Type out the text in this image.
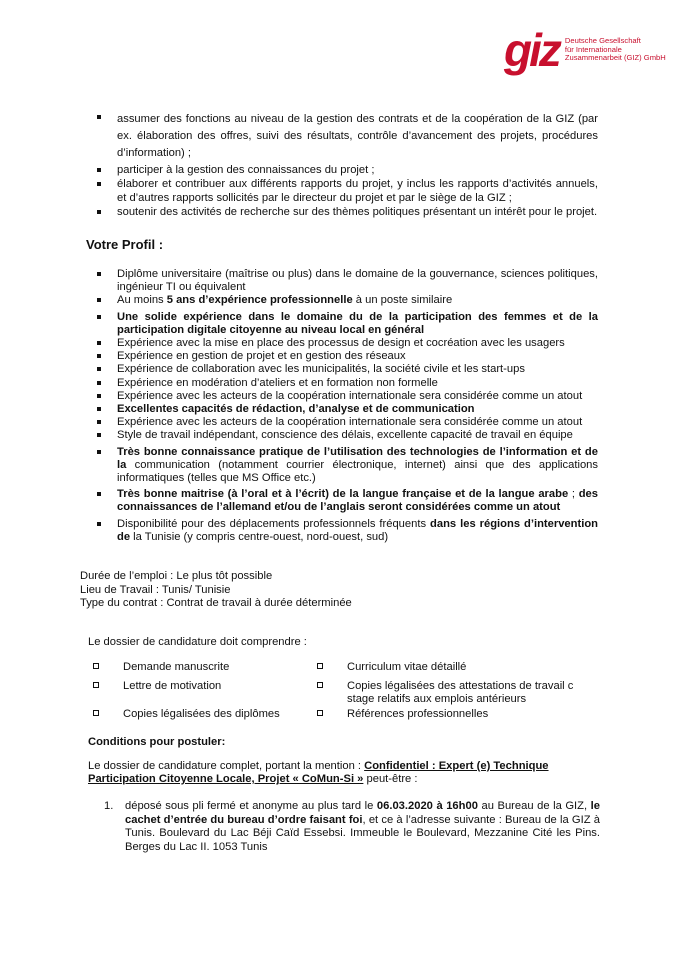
giz Deutsche Gesellschaft
für Internationale
Zusammenarbeit (GIZ) GmbH
assumer des fonctions au niveau de la gestion des contrats et de la coopération de la GIZ (par ex. élaboration des offres, suivi des résultats, contrôle d’avancement des projets, procédures d’information) ;
participer à la gestion des connaissances du projet ;
élaborer et contribuer aux différents rapports du projet, y inclus les rapports d’activités annuels, et d’autres rapports sollicités par le directeur du projet et par le siège de la GIZ ;
soutenir des activités de recherche sur des thèmes politiques présentant un intérêt pour le projet.
Votre Profil :
Diplôme universitaire (maîtrise ou plus) dans le domaine de la gouvernance, sciences politiques, ingénieur TI ou équivalent
Au moins 5 ans d’expérience professionnelle à un poste similaire
Une solide expérience dans le domaine du de la participation des femmes et de la participation digitale citoyenne au niveau local en général
Expérience avec la mise en place des processus de design et cocréation avec les usagers
Expérience en gestion de projet et en gestion des réseaux
Expérience de collaboration avec les municipalités, la société civile et les start-ups
Expérience en modération d’ateliers et en formation non formelle
Expérience avec les acteurs de la coopération internationale sera considérée comme un atout
Excellentes capacités de rédaction, d’analyse et de communication
Expérience avec les acteurs de la coopération internationale sera considérée comme un atout
Style de travail indépendant, conscience des délais, excellente capacité de travail en équipe
Très bonne connaissance pratique de l’utilisation des technologies de l’information et de la communication (notamment courrier électronique, internet) ainsi que des applications informatiques (telles que MS Office etc.)
Très bonne maitrise (à l’oral et à l’écrit) de la langue française et de la langue arabe ; des connaissances de l’allemand et/ou de l’anglais seront considérées comme un atout
Disponibilité pour des déplacements professionnels fréquents dans les régions d’intervention de la Tunisie (y compris centre-ouest, nord-ouest, sud)
Durée de l’emploi : Le plus tôt possible
Lieu de Travail : Tunis/ Tunisie
Type du contrat : Contrat de travail à durée déterminée
Le dossier de candidature doit comprendre :
Demande manuscrite	Curriculum vitae détaillé
Lettre de motivation	Copies légalisées des attestations de travail c stage relatifs aux emplois antérieurs
Copies légalisées des diplômes	Références professionnelles
Conditions pour postuler:
Le dossier de candidature complet, portant la mention : Confidentiel : Expert (e) Technique Participation Citoyenne Locale, Projet « CoMun-Si » peut-être :
1.	déposé sous pli fermé et anonyme au plus tard le 06.03.2020 à 16h00 au Bureau de la GIZ, le cachet d’entrée du bureau d’ordre faisant foi, et ce à l’adresse suivante : Bureau de la GIZ à Tunis. Boulevard du Lac Béji Caïd Essebsi. Immeuble le Boulevard, Mezzanine Cité les Pins. Berges du Lac II. 1053 Tunis
